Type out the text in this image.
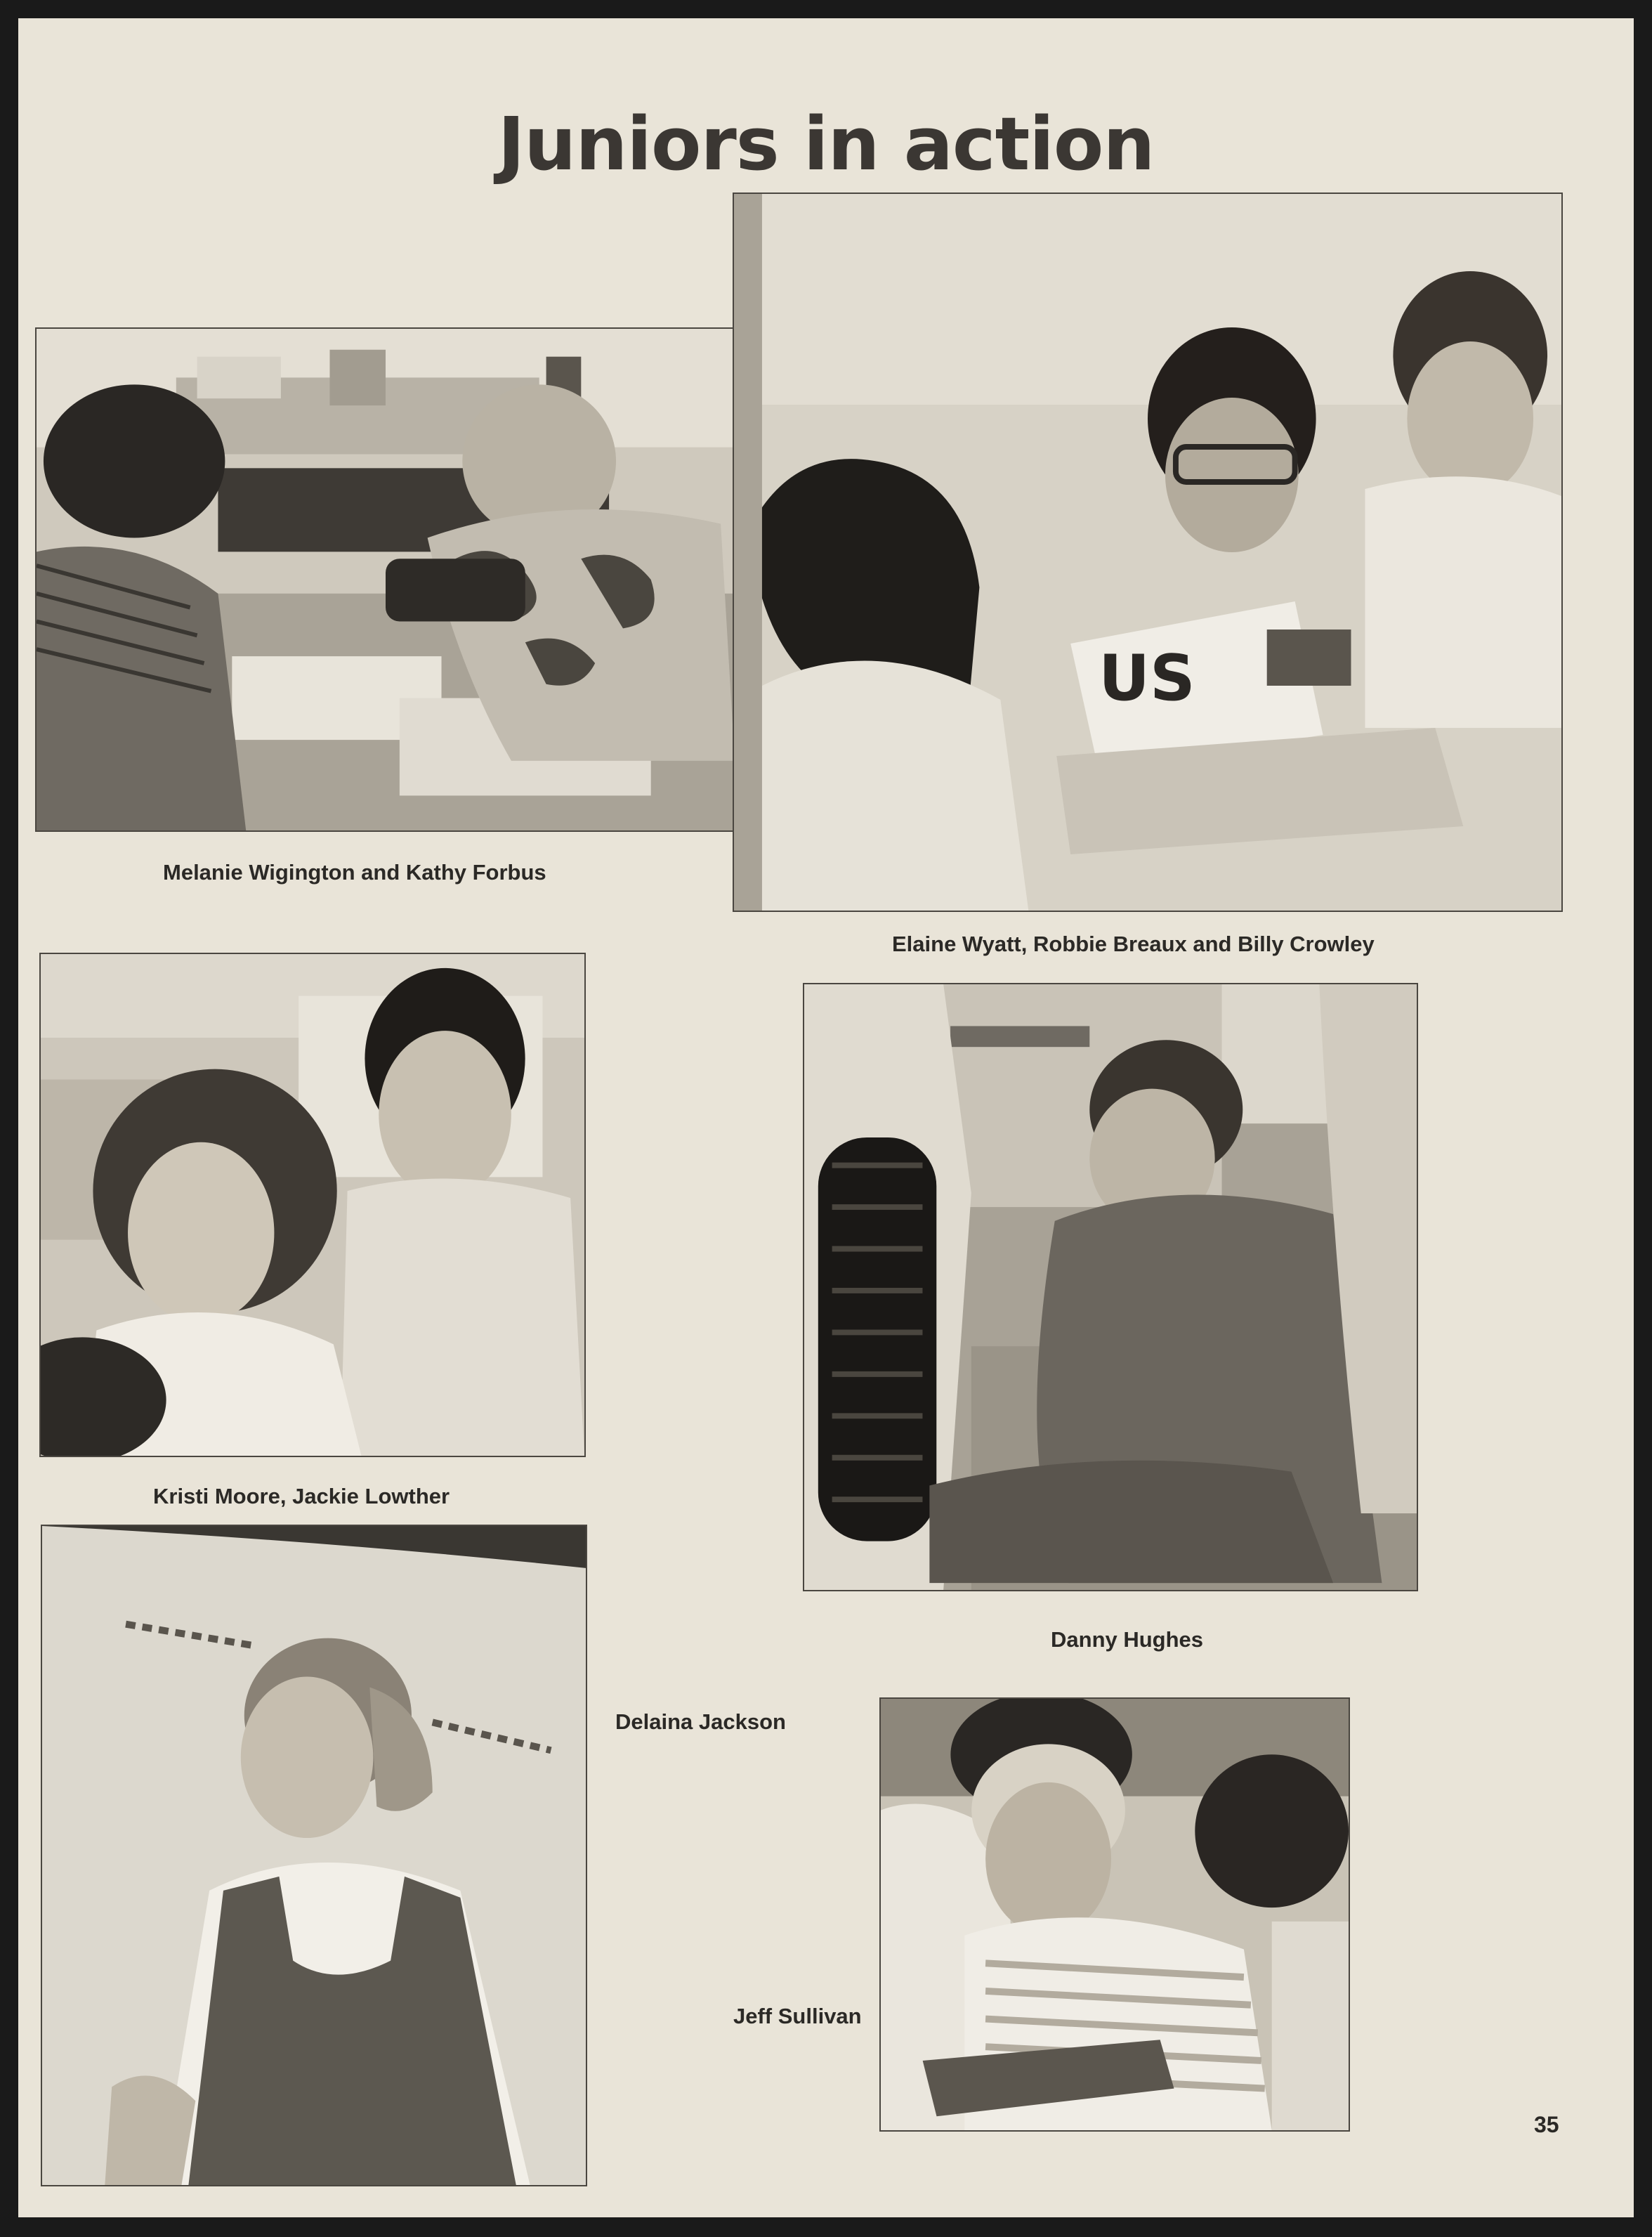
Juniors in action
Melanie Wigington and Kathy Forbus
US
Elaine Wyatt, Robbie Breaux and Billy Crowley
Kristi Moore, Jackie Lowther
Danny Hughes
Delaina Jackson
Jeff Sullivan
35
